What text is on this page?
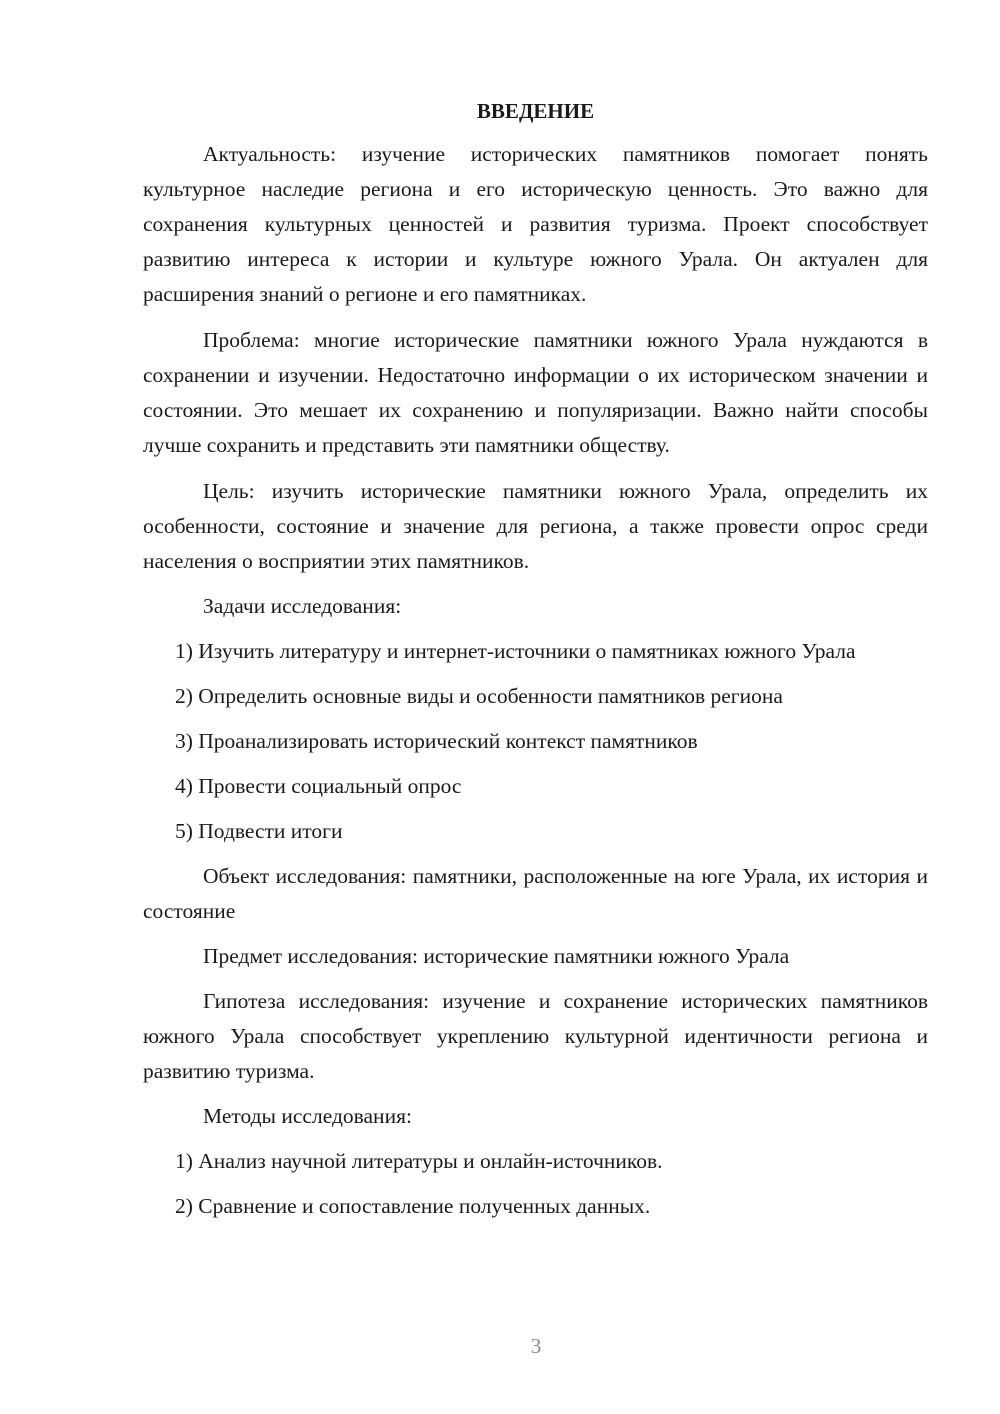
ВВЕДЕНИЕ

Актуальность: изучение исторических памятников помогает понять культурное наследие региона и его историческую ценность. Это важно для сохранения культурных ценностей и развития туризма. Проект способствует развитию интереса к истории и культуре южного Урала. Он актуален для расширения знаний о регионе и его памятниках.

Проблема: многие исторические памятники южного Урала нуждаются в сохранении и изучении. Недостаточно информации о их историческом значении и состоянии. Это мешает их сохранению и популяризации. Важно найти способы лучше сохранить и представить эти памятники обществу.

Цель: изучить исторические памятники южного Урала, определить их особенности, состояние и значение для региона, а также провести опрос среди населения о восприятии этих памятников.

Задачи исследования:

1) Изучить литературу и интернет-источники о памятниках южного Урала

2) Определить основные виды и особенности памятников региона

3) Проанализировать исторический контекст памятников

4) Провести социальный опрос

5) Подвести итоги

Объект исследования: памятники, расположенные на юге Урала, их история и состояние

Предмет исследования: исторические памятники южного Урала

Гипотеза исследования: изучение и сохранение исторических памятников южного Урала способствует укреплению культурной идентичности региона и развитию туризма.

Методы исследования:

1) Анализ научной литературы и онлайн-источников.

2) Сравнение и сопоставление полученных данных.

3
